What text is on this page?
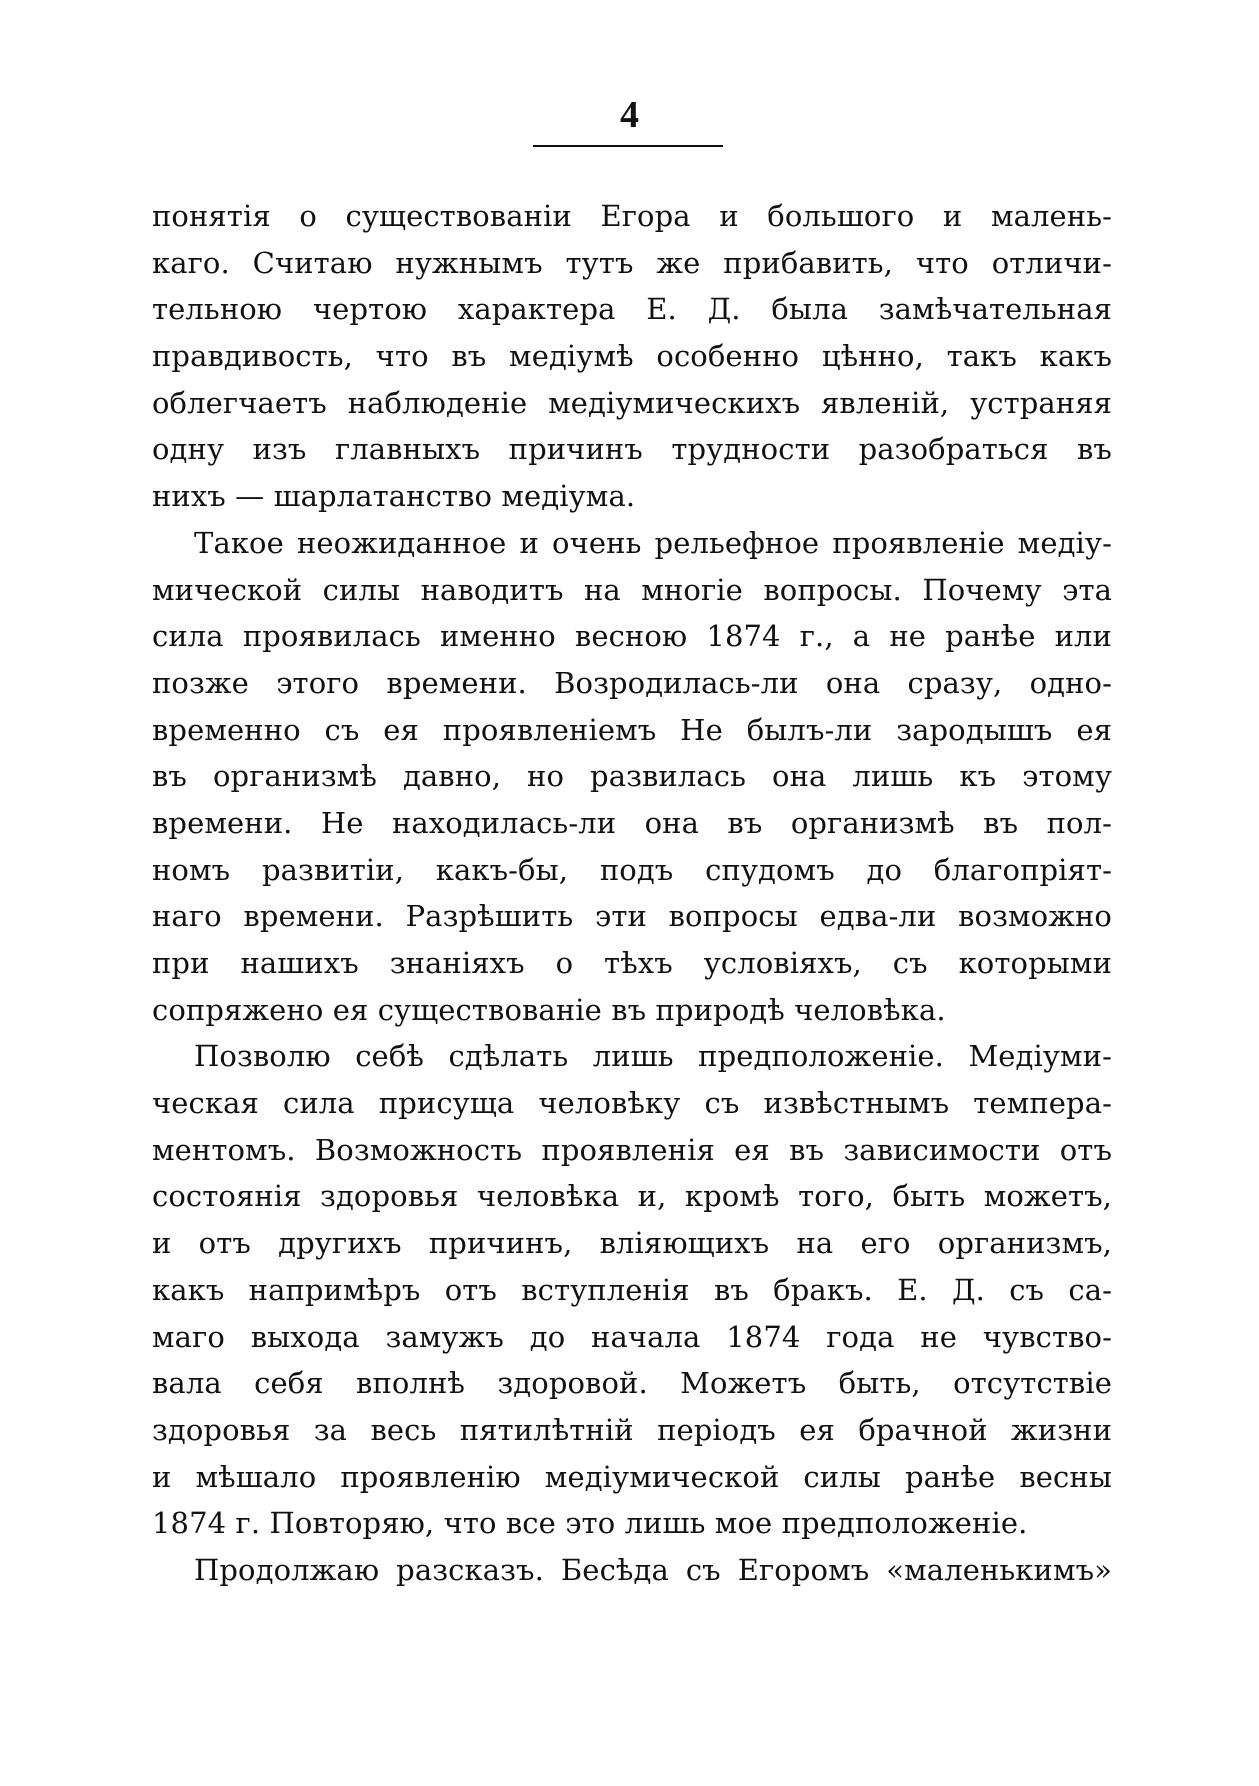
4
понятія о существованіи Егора и большого и малень-
каго. Считаю нужнымъ тутъ же прибавить, что отличи-
тельною чертою характера Е. Д. была замѣчательная
правдивость, что въ медіумѣ особенно цѣнно, такъ какъ
облегчаетъ наблюденіе медіумическихъ явленій, устраняя
одну изъ главныхъ причинъ трудности разобраться въ
нихъ — шарлатанство медіума.
Такое неожиданное и очень рельефное проявленіе медіу-
мической силы наводитъ на многіе вопросы. Почему эта
сила проявилась именно весною 1874 г., а не ранѣе или
позже этого времени. Возродилась-ли она сразу, одно-
временно съ ея проявленіемъ Не былъ-ли зародышъ ея
въ организмѣ давно, но развилась она лишь къ этому
времени. Не находилась-ли она въ организмѣ въ пол-
номъ развитіи, какъ-бы, подъ спудомъ до благопріят-
наго времени. Разрѣшить эти вопросы едва-ли возможно
при нашихъ знаніяхъ о тѣхъ условіяхъ, съ которыми
сопряжено ея существованіе въ природѣ человѣка.
Позволю себѣ сдѣлать лишь предположеніе. Медіуми-
ческая сила присуща человѣку съ извѣстнымъ темпера-
ментомъ. Возможность проявленія ея въ зависимости отъ
состоянія здоровья человѣка и, кромѣ того, быть можетъ,
и отъ другихъ причинъ, вліяющихъ на его организмъ,
какъ напримѣръ отъ вступленія въ бракъ. Е. Д. съ са-
маго выхода замужъ до начала 1874 года не чувство-
вала себя вполнѣ здоровой. Можетъ быть, отсутствіе
здоровья за весь пятилѣтній періодъ ея брачной жизни
и мѣшало проявленію медіумической силы ранѣе весны
1874 г. Повторяю, что все это лишь мое предположеніе.
Продолжаю разсказъ. Бесѣда съ Егоромъ «маленькимъ»
